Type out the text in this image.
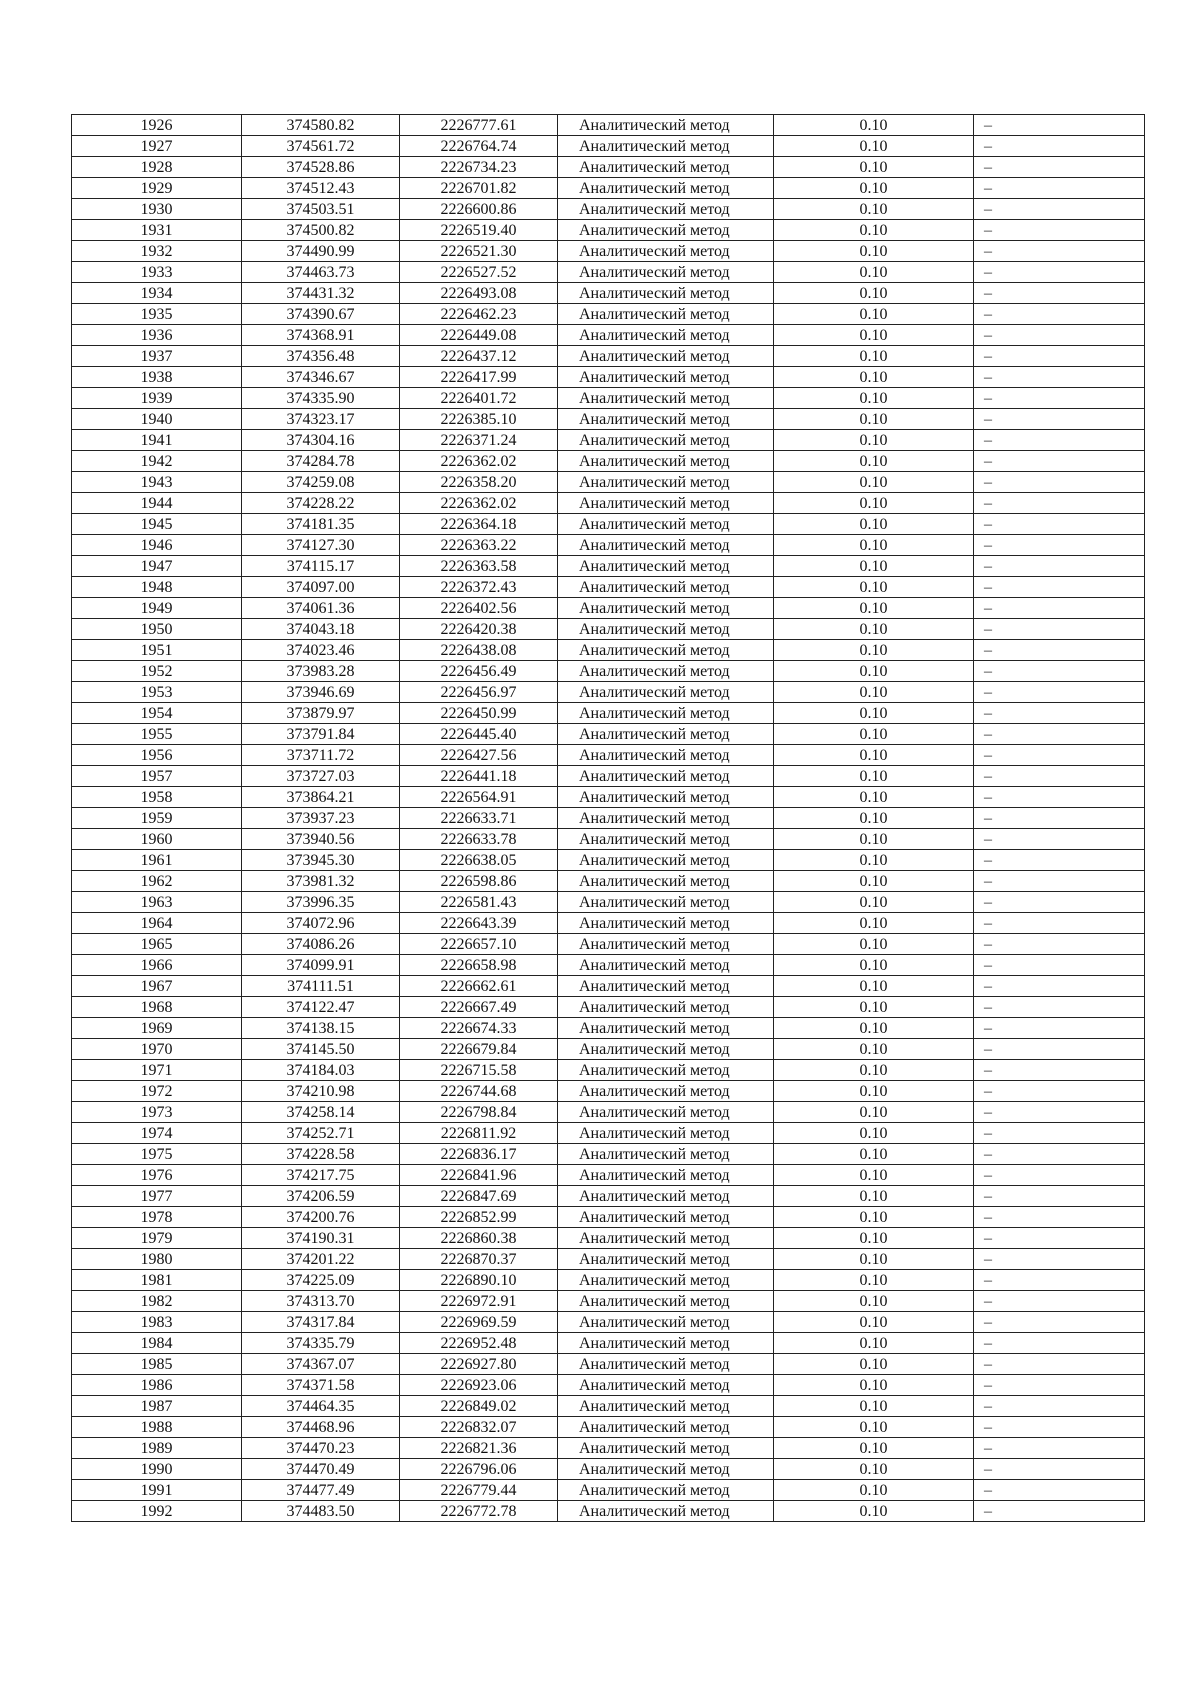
1926	374580.82	2226777.61	Аналитический метод	0.10	–
1927	374561.72	2226764.74	Аналитический метод	0.10	–
1928	374528.86	2226734.23	Аналитический метод	0.10	–
1929	374512.43	2226701.82	Аналитический метод	0.10	–
1930	374503.51	2226600.86	Аналитический метод	0.10	–
1931	374500.82	2226519.40	Аналитический метод	0.10	–
1932	374490.99	2226521.30	Аналитический метод	0.10	–
1933	374463.73	2226527.52	Аналитический метод	0.10	–
1934	374431.32	2226493.08	Аналитический метод	0.10	–
1935	374390.67	2226462.23	Аналитический метод	0.10	–
1936	374368.91	2226449.08	Аналитический метод	0.10	–
1937	374356.48	2226437.12	Аналитический метод	0.10	–
1938	374346.67	2226417.99	Аналитический метод	0.10	–
1939	374335.90	2226401.72	Аналитический метод	0.10	–
1940	374323.17	2226385.10	Аналитический метод	0.10	–
1941	374304.16	2226371.24	Аналитический метод	0.10	–
1942	374284.78	2226362.02	Аналитический метод	0.10	–
1943	374259.08	2226358.20	Аналитический метод	0.10	–
1944	374228.22	2226362.02	Аналитический метод	0.10	–
1945	374181.35	2226364.18	Аналитический метод	0.10	–
1946	374127.30	2226363.22	Аналитический метод	0.10	–
1947	374115.17	2226363.58	Аналитический метод	0.10	–
1948	374097.00	2226372.43	Аналитический метод	0.10	–
1949	374061.36	2226402.56	Аналитический метод	0.10	–
1950	374043.18	2226420.38	Аналитический метод	0.10	–
1951	374023.46	2226438.08	Аналитический метод	0.10	–
1952	373983.28	2226456.49	Аналитический метод	0.10	–
1953	373946.69	2226456.97	Аналитический метод	0.10	–
1954	373879.97	2226450.99	Аналитический метод	0.10	–
1955	373791.84	2226445.40	Аналитический метод	0.10	–
1956	373711.72	2226427.56	Аналитический метод	0.10	–
1957	373727.03	2226441.18	Аналитический метод	0.10	–
1958	373864.21	2226564.91	Аналитический метод	0.10	–
1959	373937.23	2226633.71	Аналитический метод	0.10	–
1960	373940.56	2226633.78	Аналитический метод	0.10	–
1961	373945.30	2226638.05	Аналитический метод	0.10	–
1962	373981.32	2226598.86	Аналитический метод	0.10	–
1963	373996.35	2226581.43	Аналитический метод	0.10	–
1964	374072.96	2226643.39	Аналитический метод	0.10	–
1965	374086.26	2226657.10	Аналитический метод	0.10	–
1966	374099.91	2226658.98	Аналитический метод	0.10	–
1967	374111.51	2226662.61	Аналитический метод	0.10	–
1968	374122.47	2226667.49	Аналитический метод	0.10	–
1969	374138.15	2226674.33	Аналитический метод	0.10	–
1970	374145.50	2226679.84	Аналитический метод	0.10	–
1971	374184.03	2226715.58	Аналитический метод	0.10	–
1972	374210.98	2226744.68	Аналитический метод	0.10	–
1973	374258.14	2226798.84	Аналитический метод	0.10	–
1974	374252.71	2226811.92	Аналитический метод	0.10	–
1975	374228.58	2226836.17	Аналитический метод	0.10	–
1976	374217.75	2226841.96	Аналитический метод	0.10	–
1977	374206.59	2226847.69	Аналитический метод	0.10	–
1978	374200.76	2226852.99	Аналитический метод	0.10	–
1979	374190.31	2226860.38	Аналитический метод	0.10	–
1980	374201.22	2226870.37	Аналитический метод	0.10	–
1981	374225.09	2226890.10	Аналитический метод	0.10	–
1982	374313.70	2226972.91	Аналитический метод	0.10	–
1983	374317.84	2226969.59	Аналитический метод	0.10	–
1984	374335.79	2226952.48	Аналитический метод	0.10	–
1985	374367.07	2226927.80	Аналитический метод	0.10	–
1986	374371.58	2226923.06	Аналитический метод	0.10	–
1987	374464.35	2226849.02	Аналитический метод	0.10	–
1988	374468.96	2226832.07	Аналитический метод	0.10	–
1989	374470.23	2226821.36	Аналитический метод	0.10	–
1990	374470.49	2226796.06	Аналитический метод	0.10	–
1991	374477.49	2226779.44	Аналитический метод	0.10	–
1992	374483.50	2226772.78	Аналитический метод	0.10	–
